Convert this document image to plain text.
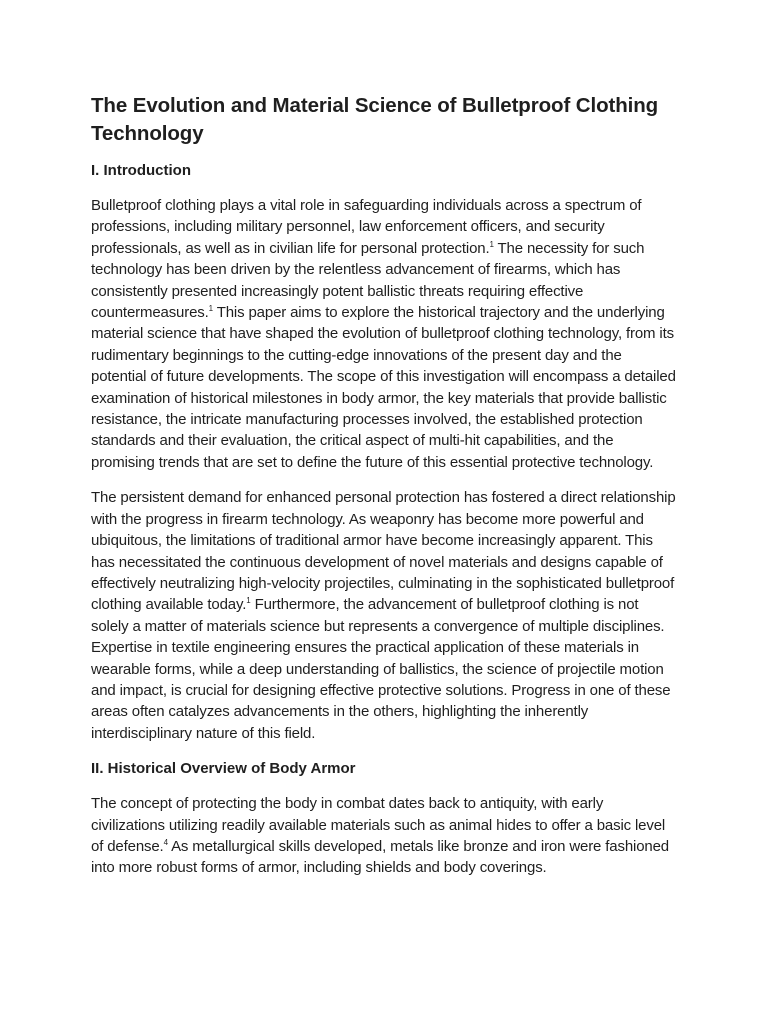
The Evolution and Material Science of Bulletproof Clothing Technology
I. Introduction

Bulletproof clothing plays a vital role in safeguarding individuals across a spectrum of professions, including military personnel, law enforcement officers, and security professionals, as well as in civilian life for personal protection.$^1$ The necessity for such technology has been driven by the relentless advancement of firearms, which has consistently presented increasingly potent ballistic threats requiring effective countermeasures.$^1$ This paper aims to explore the historical trajectory and the underlying material science that have shaped the evolution of bulletproof clothing technology, from its rudimentary beginnings to the cutting-edge innovations of the present day and the potential of future developments. The scope of this investigation will encompass a detailed examination of historical milestones in body armor, the key materials that provide ballistic resistance, the intricate manufacturing processes involved, the established protection standards and their evaluation, the critical aspect of multi-hit capabilities, and the promising trends that are set to define the future of this essential protective technology.

The persistent demand for enhanced personal protection has fostered a direct relationship with the progress in firearm technology. As weaponry has become more powerful and ubiquitous, the limitations of traditional armor have become increasingly apparent. This has necessitated the continuous development of novel materials and designs capable of effectively neutralizing high-velocity projectiles, culminating in the sophisticated bulletproof clothing available today.$^1$ Furthermore, the advancement of bulletproof clothing is not solely a matter of materials science but represents a convergence of multiple disciplines. Expertise in textile engineering ensures the practical application of these materials in wearable forms, while a deep understanding of ballistics, the science of projectile motion and impact, is crucial for designing effective protective solutions. Progress in one of these areas often catalyzes advancements in the others, highlighting the inherently interdisciplinary nature of this field.

II. Historical Overview of Body Armor

The concept of protecting the body in combat dates back to antiquity, with early civilizations utilizing readily available materials such as animal hides to offer a basic level of defense.$^4$ As metallurgical skills developed, metals like bronze and iron were fashioned into more robust forms of armor, including shields and body coverings.
